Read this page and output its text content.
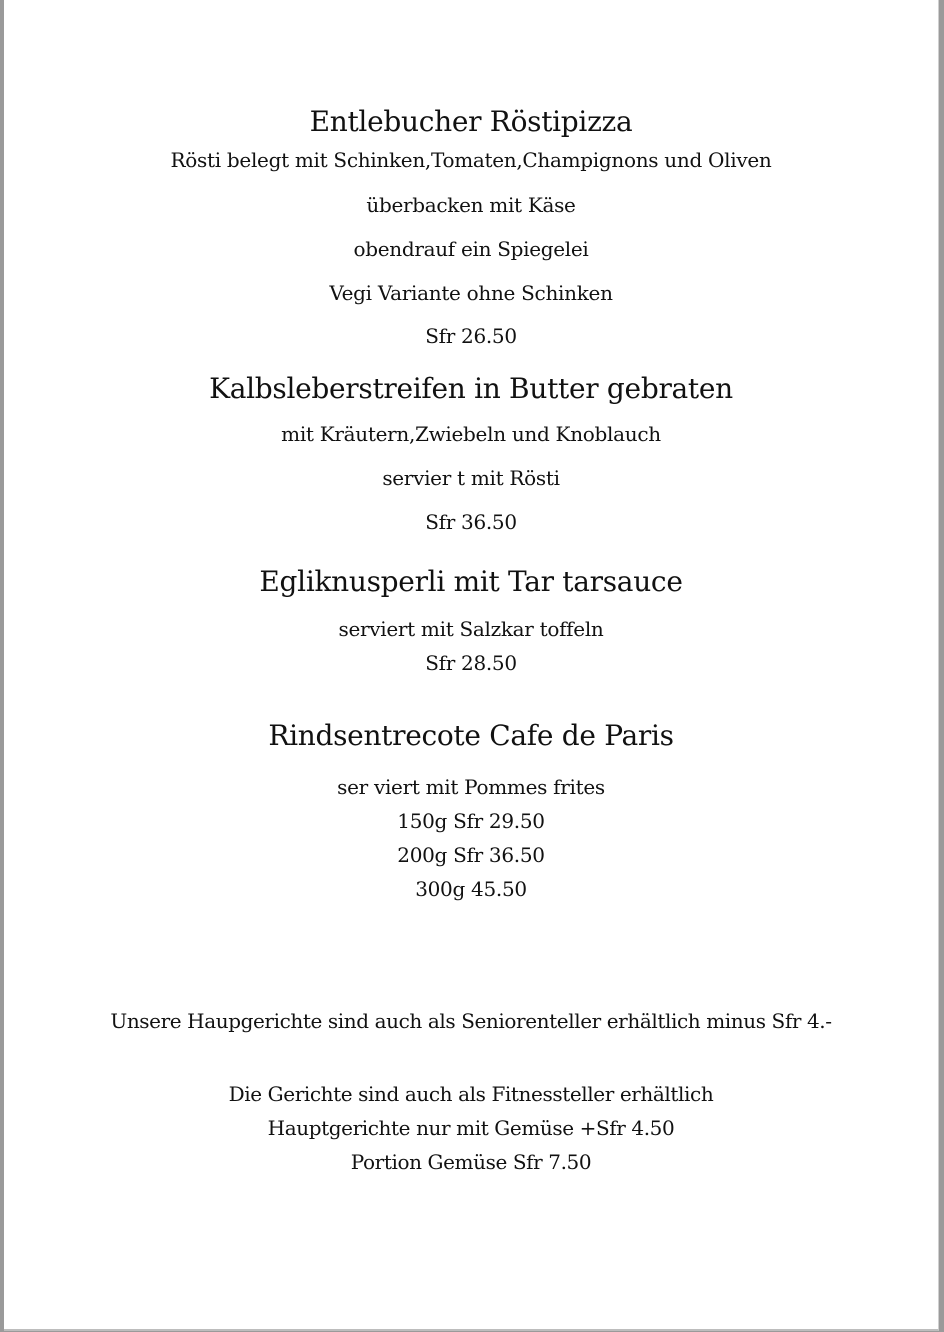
Entlebucher Röstipizza
Rösti belegt mit Schinken,Tomaten,Champignons und Oliven
überbacken mit Käse
obendrauf ein Spiegelei
Vegi Variante ohne Schinken
Sfr 26.50
Kalbsleberstreifen in Butter gebraten
mit Kräutern,Zwiebeln und Knoblauch
servier t mit Rösti
Sfr 36.50
Egliknusperli mit Tar tarsauce
serviert mit Salzkar toffeln
Sfr 28.50
Rindsentrecote Cafe de Paris
ser viert mit Pommes frites
150g Sfr 29.50
200g Sfr 36.50
300g 45.50
Unsere Haupgerichte sind auch als Seniorenteller erhältlich minus Sfr 4.-
Die Gerichte sind auch als Fitnessteller erhältlich
Hauptgerichte nur mit Gemüse +Sfr 4.50
Portion Gemüse Sfr 7.50
